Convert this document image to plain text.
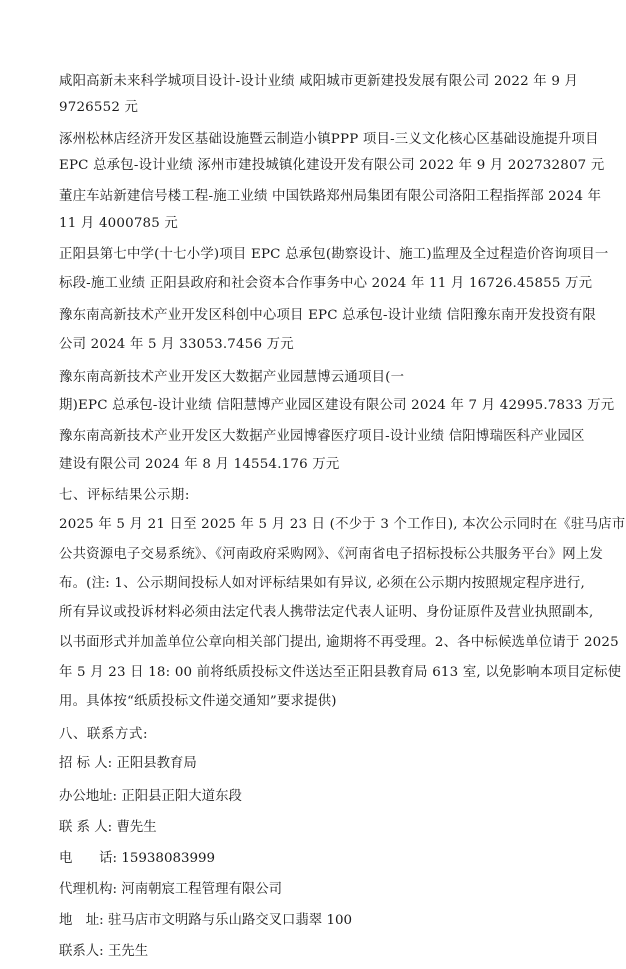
咸阳高新未来科学城项目设计-设计业绩 咸阳城市更新建投发展有限公司 2022 年 9 月
9726552 元
涿州松林店经济开发区基础设施暨云制造小镇PPP 项目-三义文化核心区基础设施提升项目
EPC 总承包-设计业绩 涿州市建投城镇化建设开发有限公司 2022 年 9 月 202732807 元
董庄车站新建信号楼工程-施工业绩 中国铁路郑州局集团有限公司洛阳工程指挥部 2024 年
11 月 4000785 元
正阳县第七中学(十七小学)项目 EPC 总承包(勘察设计、施工)监理及全过程造价咨询项目一
标段-施工业绩 正阳县政府和社会资本合作事务中心 2024 年 11 月 16726.45855 万元
豫东南高新技术产业开发区科创中心项目 EPC 总承包-设计业绩 信阳豫东南开发投资有限
公司 2024 年 5 月 33053.7456 万元
豫东南高新技术产业开发区大数据产业园慧博云通项目(一
期)EPC 总承包-设计业绩 信阳慧博产业园区建设有限公司 2024 年 7 月 42995.7833 万元
豫东南高新技术产业开发区大数据产业园博睿医疗项目-设计业绩 信阳博瑞医科产业园区
建设有限公司 2024 年 8 月 14554.176 万元
七、评标结果公示期:
2025 年 5 月 21 日至 2025 年 5 月 23 日 (不少于 3 个工作日), 本次公示同时在《驻马店市
公共资源电子交易系统》、《河南政府采购网》、《河南省电子招标投标公共服务平台》网上发
布。(注: 1、公示期间投标人如对评标结果如有异议, 必须在公示期内按照规定程序进行,
所有异议或投诉材料必须由法定代表人携带法定代表人证明、身份证原件及营业执照副本,
以书面形式并加盖单位公章向相关部门提出, 逾期将不再受理。2、各中标候选单位请于 2025
年 5 月 23 日 18: 00 前将纸质投标文件送达至正阳县教育局 613 室, 以免影响本项目定标使
用。具体按“纸质投标文件递交通知”要求提供)
八、联系方式:
招 标 人: 正阳县教育局
办公地址: 正阳县正阳大道东段
联 系 人: 曹先生
电　　话: 15938083999
代理机构: 河南朝宸工程管理有限公司
地　址: 驻马店市文明路与乐山路交叉口翡翠 100
联系人: 王先生
